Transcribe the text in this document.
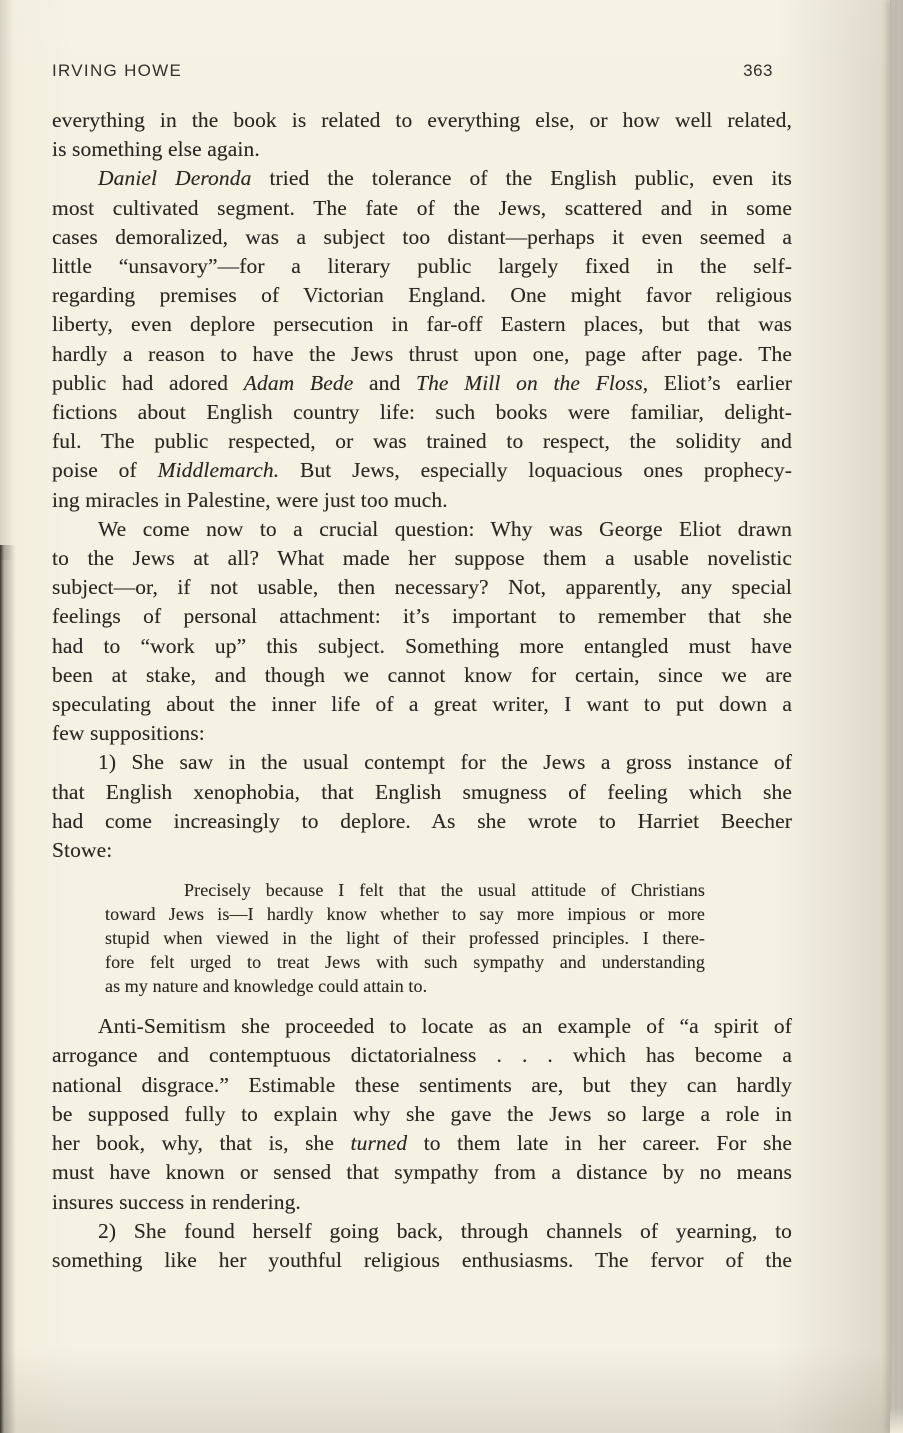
IRVING HOWE	363
everything in the book is related to everything else, or how well related,
is something else again.
Daniel Deronda tried the tolerance of the English public, even its
most cultivated segment. The fate of the Jews, scattered and in some
cases demoralized, was a subject too distant—perhaps it even seemed a
little “unsavory”—for a literary public largely fixed in the self-
regarding premises of Victorian England. One might favor religious
liberty, even deplore persecution in far-off Eastern places, but that was
hardly a reason to have the Jews thrust upon one, page after page. The
public had adored Adam Bede and The Mill on the Floss, Eliot’s earlier
fictions about English country life: such books were familiar, delight-
ful. The public respected, or was trained to respect, the solidity and
poise of Middlemarch. But Jews, especially loquacious ones prophecy-
ing miracles in Palestine, were just too much.
We come now to a crucial question: Why was George Eliot drawn
to the Jews at all? What made her suppose them a usable novelistic
subject—or, if not usable, then necessary? Not, apparently, any special
feelings of personal attachment: it’s important to remember that she
had to “work up” this subject. Something more entangled must have
been at stake, and though we cannot know for certain, since we are
speculating about the inner life of a great writer, I want to put down a
few suppositions:
1) She saw in the usual contempt for the Jews a gross instance of
that English xenophobia, that English smugness of feeling which she
had come increasingly to deplore. As she wrote to Harriet Beecher
Stowe:
Precisely because I felt that the usual attitude of Christians
toward Jews is—I hardly know whether to say more impious or more
stupid when viewed in the light of their professed principles. I there-
fore felt urged to treat Jews with such sympathy and understanding
as my nature and knowledge could attain to.
Anti-Semitism she proceeded to locate as an example of “a spirit of
arrogance and contemptuous dictatorialness . . . which has become a
national disgrace.” Estimable these sentiments are, but they can hardly
be supposed fully to explain why she gave the Jews so large a role in
her book, why, that is, she turned to them late in her career. For she
must have known or sensed that sympathy from a distance by no means
insures success in rendering.
2) She found herself going back, through channels of yearning, to
something like her youthful religious enthusiasms. The fervor of the
